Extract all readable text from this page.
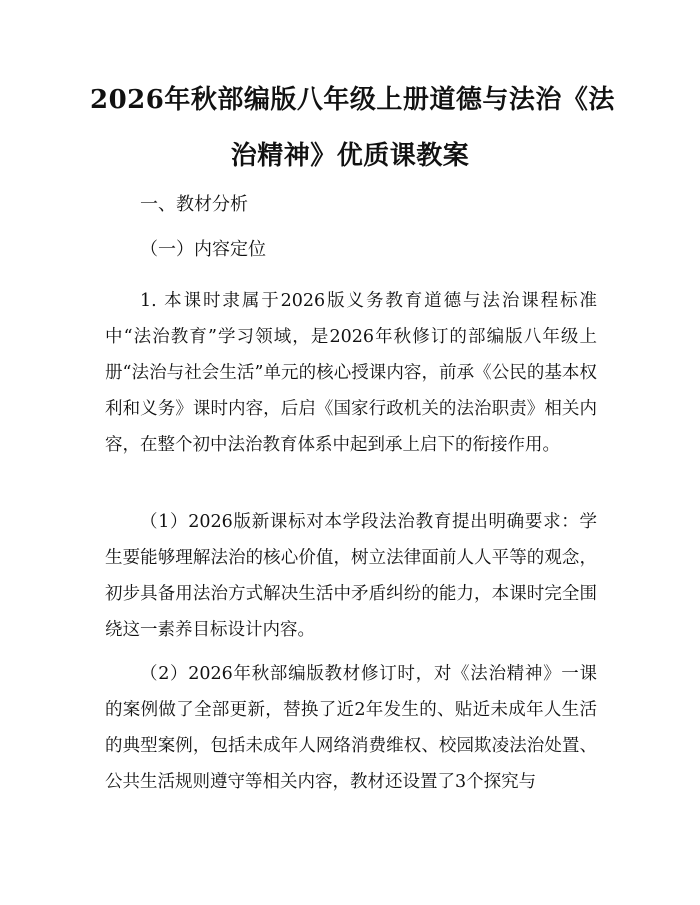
2026年秋部编版八年级上册道德与法治《法
治精神》优质课教案
一、教材分析
（一）内容定位
1. 本课时隶属于2026版义务教育道德与法治课程标准中“法治教育”学习领域，是2026年秋修订的部编版八年级上册“法治与社会生活”单元的核心授课内容，前承《公民的基本权利和义务》课时内容，后启《国家行政机关的法治职责》相关内容，在整个初中法治教育体系中起到承上启下的衔接作用。
（1）2026版新课标对本学段法治教育提出明确要求：学生要能够理解法治的核心价值，树立法律面前人人平等的观念，初步具备用法治方式解决生活中矛盾纠纷的能力，本课时完全围绕这一素养目标设计内容。
（2）2026年秋部编版教材修订时，对《法治精神》一课的案例做了全部更新，替换了近2年发生的、贴近未成年人生活的典型案例，包括未成年人网络消费维权、校园欺凌法治处置、公共生活规则遵守等相关内容，教材还设置了3个探究与
